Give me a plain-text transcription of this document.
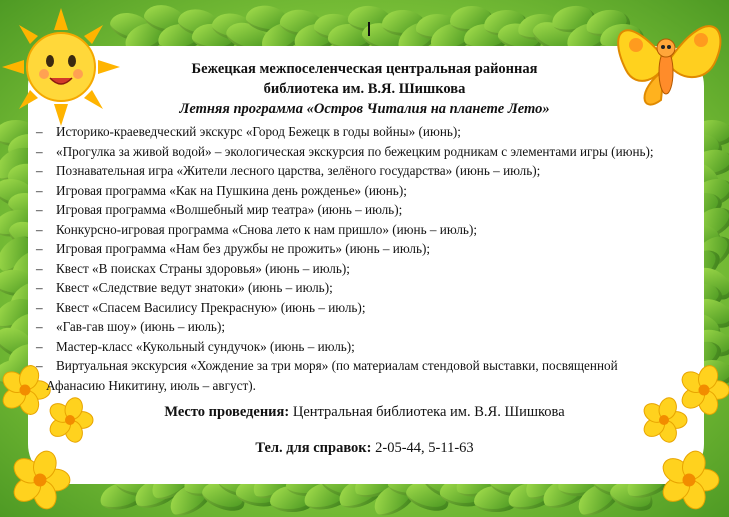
Бежецкая межпоселенческая центральная районная
библиотека им. В.Я. Шишкова
Летняя программа «Остров Читалия на планете Лето»
– Историко-краеведческий экскурс «Город Бежецк в годы войны» (июнь);
– «Прогулка за живой водой» – экологическая экскурсия по бежецким родникам с элементами игры (июнь);
– Познавательная игра «Жители лесного царства, зелёного государства» (июнь – июль);
– Игровая программа «Как на Пушкина день рожденье» (июнь);
– Игровая программа «Волшебный мир театра» (июнь – июль);
– Конкурсно-игровая программа «Снова лето к нам пришло» (июнь – июль);
– Игровая программа «Нам без дружбы не прожить» (июнь – июль);
– Квест «В поисках Страны здоровья» (июнь – июль);
– Квест «Следствие ведут знатоки» (июнь – июль);
– Квест «Спасем Василису Прекрасную» (июнь – июль);
– «Гав-гав шоу» (июнь – июль);
– Мастер-класс «Кукольный сундучок» (июнь – июль);
– Виртуальная экскурсия «Хождение за три моря» (по материалам стендовой выставки, посвященной
Афанасию Никитину, июль – август).
Место проведения: Центральная библиотека им. В.Я. Шишкова
Тел. для справок: 2-05-44, 5-11-63
